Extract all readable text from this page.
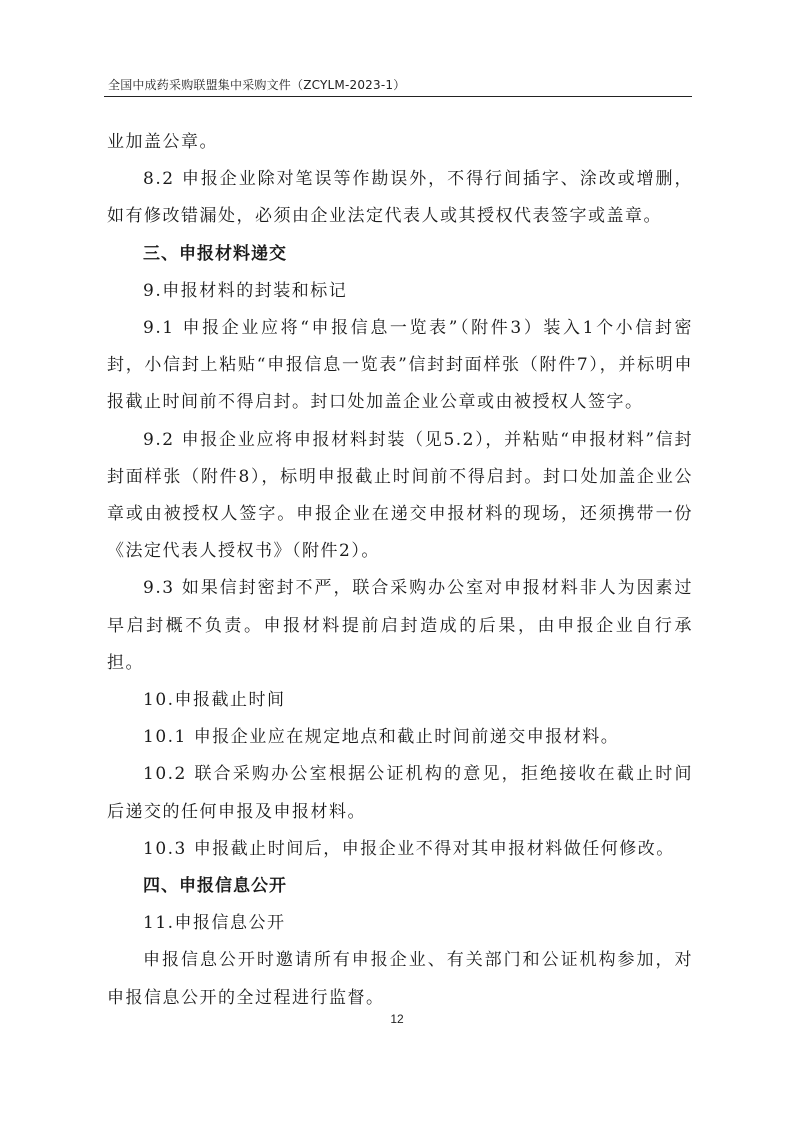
全国中成药采购联盟集中采购文件（ZCYLM-2023-1）

业加盖公章。

8.2 申报企业除对笔误等作勘误外，不得行间插字、涂改或增删，如有修改错漏处，必须由企业法定代表人或其授权代表签字或盖章。

三、申报材料递交

9.申报材料的封装和标记

9.1 申报企业应将“申报信息一览表”（附件3）装入1个小信封密封，小信封上粘贴“申报信息一览表”信封封面样张（附件7），并标明申报截止时间前不得启封。封口处加盖企业公章或由被授权人签字。

9.2 申报企业应将申报材料封装（见5.2），并粘贴“申报材料”信封封面样张（附件8），标明申报截止时间前不得启封。封口处加盖企业公章或由被授权人签字。申报企业在递交申报材料的现场，还须携带一份《法定代表人授权书》（附件2）。

9.3 如果信封密封不严，联合采购办公室对申报材料非人为因素过早启封概不负责。申报材料提前启封造成的后果，由申报企业自行承担。

10.申报截止时间

10.1 申报企业应在规定地点和截止时间前递交申报材料。

10.2 联合采购办公室根据公证机构的意见，拒绝接收在截止时间后递交的任何申报及申报材料。

10.3 申报截止时间后，申报企业不得对其申报材料做任何修改。

四、申报信息公开

11.申报信息公开

申报信息公开时邀请所有申报企业、有关部门和公证机构参加，对申报信息公开的全过程进行监督。

12
